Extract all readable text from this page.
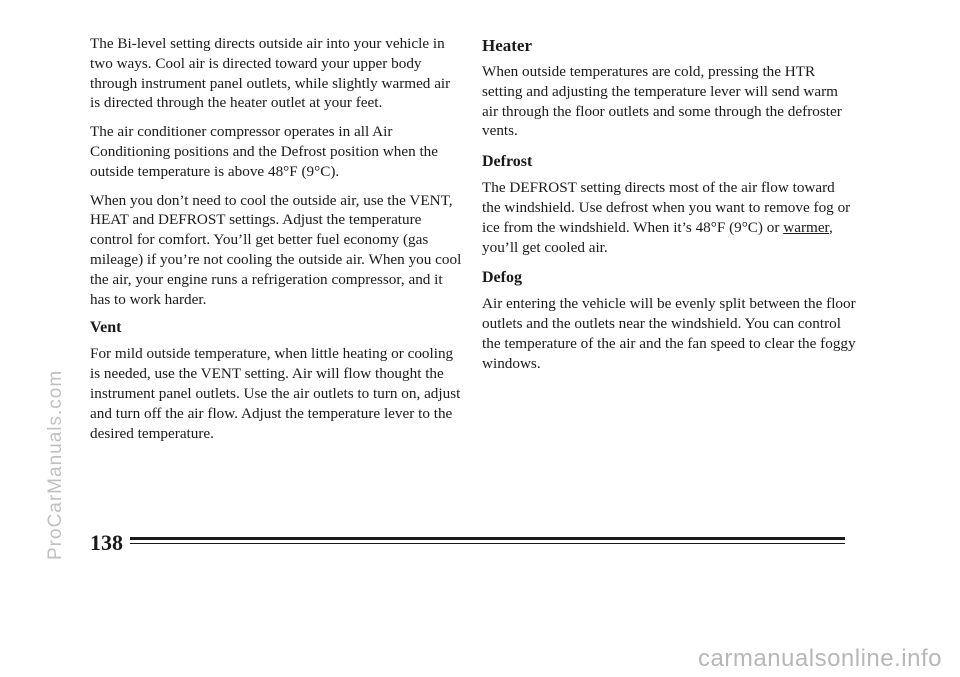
The Bi-level setting directs outside air into your vehicle in two ways. Cool air is directed toward your upper body through instrument panel outlets, while slightly warmed air is directed through the heater outlet at your feet.

The air conditioner compressor operates in all Air Conditioning positions and the Defrost position when the outside temperature is above 48°F (9°C).

When you don’t need to cool the outside air, use the VENT, HEAT and DEFROST settings. Adjust the temperature control for comfort. You’ll get better fuel economy (gas mileage) if you’re not cooling the outside air. When you cool the air, your engine runs a refrigeration compressor, and it has to work harder.

Vent

For mild outside temperature, when little heating or cooling is needed, use the VENT setting. Air will flow thought the instrument panel outlets. Use the air outlets to turn on, adjust and turn off the air flow. Adjust the temperature lever to the desired temperature.

Heater

When outside temperatures are cold, pressing the HTR setting and adjusting the temperature lever will send warm air through the floor outlets and some through the defroster vents.

Defrost

The DEFROST setting directs most of the air flow toward the windshield. Use defrost when you want to remove fog or ice from the windshield. When it’s 48°F (9°C) or warmer, you’ll get cooled air.

Defog

Air entering the vehicle will be evenly split between the floor outlets and the outlets near the windshield. You can control the temperature of the air and the fan speed to clear the foggy windows.

138
ProCarManuals.com
carmanualsonline.info
